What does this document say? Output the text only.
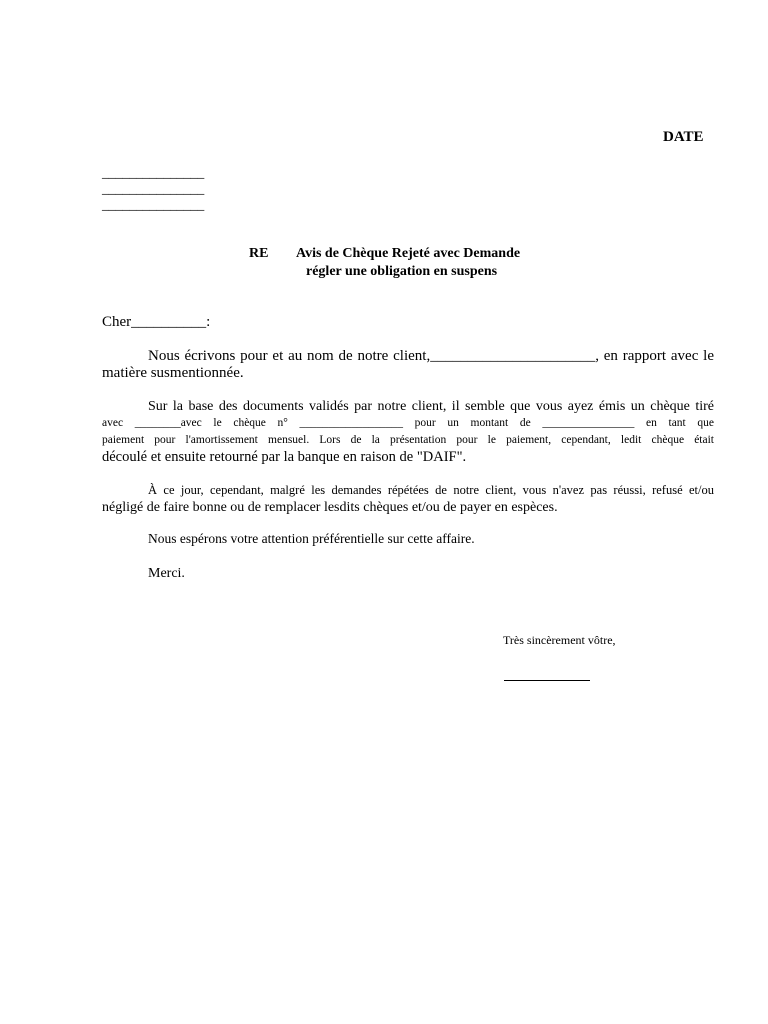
DATE
_______________
_______________
_______________
RE Avis de Chèque Rejeté avec Demande
régler une obligation en suspens
Cher__________:
Nous écrivons pour et au nom de notre client,______________________, en rapport avec le
matière susmentionnée.
Sur la base des documents validés par notre client, il semble que vous ayez émis un chèque tiré
avec ________avec le chèque n° __________________ pour un montant de ________________ en tant que
paiement pour l'amortissement mensuel. Lors de la présentation pour le paiement, cependant, ledit chèque était
découlé et ensuite retourné par la banque en raison de "DAIF".
À ce jour, cependant, malgré les demandes répétées de notre client, vous n'avez pas réussi, refusé et/ou
négligé de faire bonne ou de remplacer lesdits chèques et/ou de payer en espèces.
Nous espérons votre attention préférentielle sur cette affaire.
Merci.
Très sincèrement vôtre,
